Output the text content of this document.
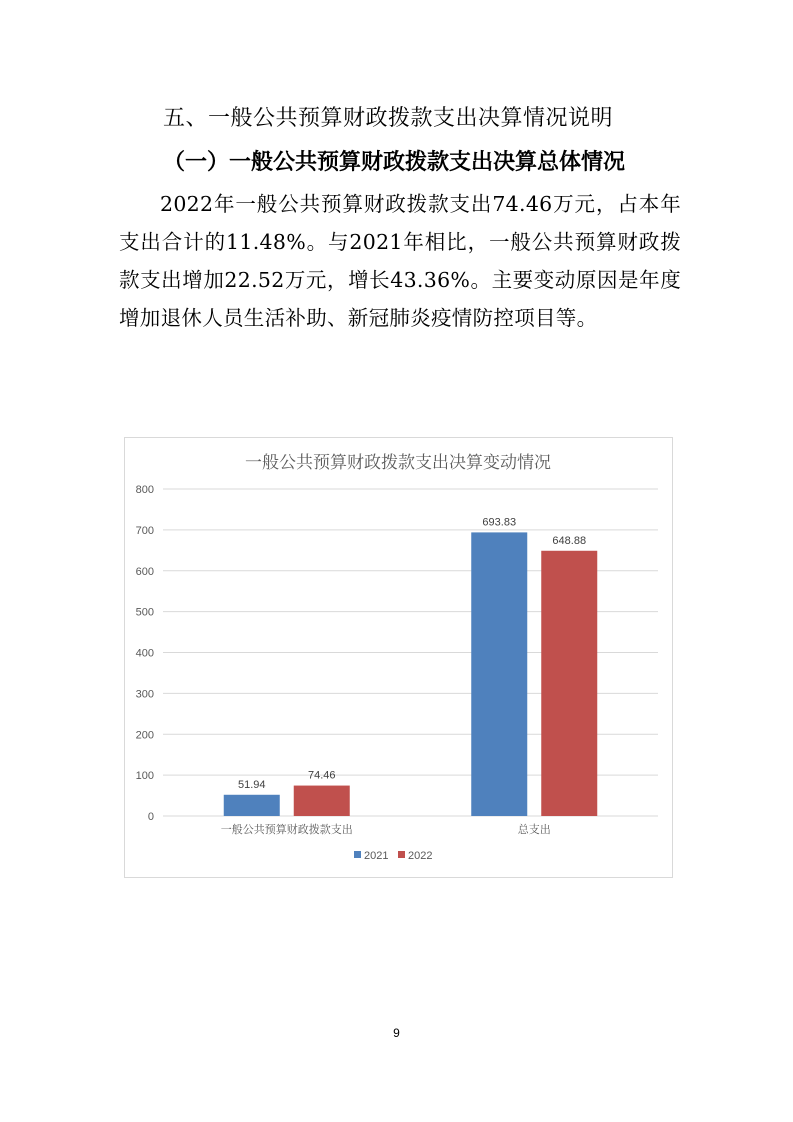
五、一般公共预算财政拨款支出决算情况说明
（一）一般公共预算财政拨款支出决算总体情况

2022年一般公共预算财政拨款支出74.46万元，占本年支出合计的11.48%。与2021年相比，一般公共预算财政拨款支出增加22.52万元，增长43.36%。主要变动原因是年度增加退休人员生活补助、新冠肺炎疫情防控项目等。

一般公共预算财政拨款支出决算变动情况
0
100
200
300
400
500
600
700
800
51.94
74.46
一般公共预算财政拨款支出
693.83
648.88
总支出
2021 2022
9
